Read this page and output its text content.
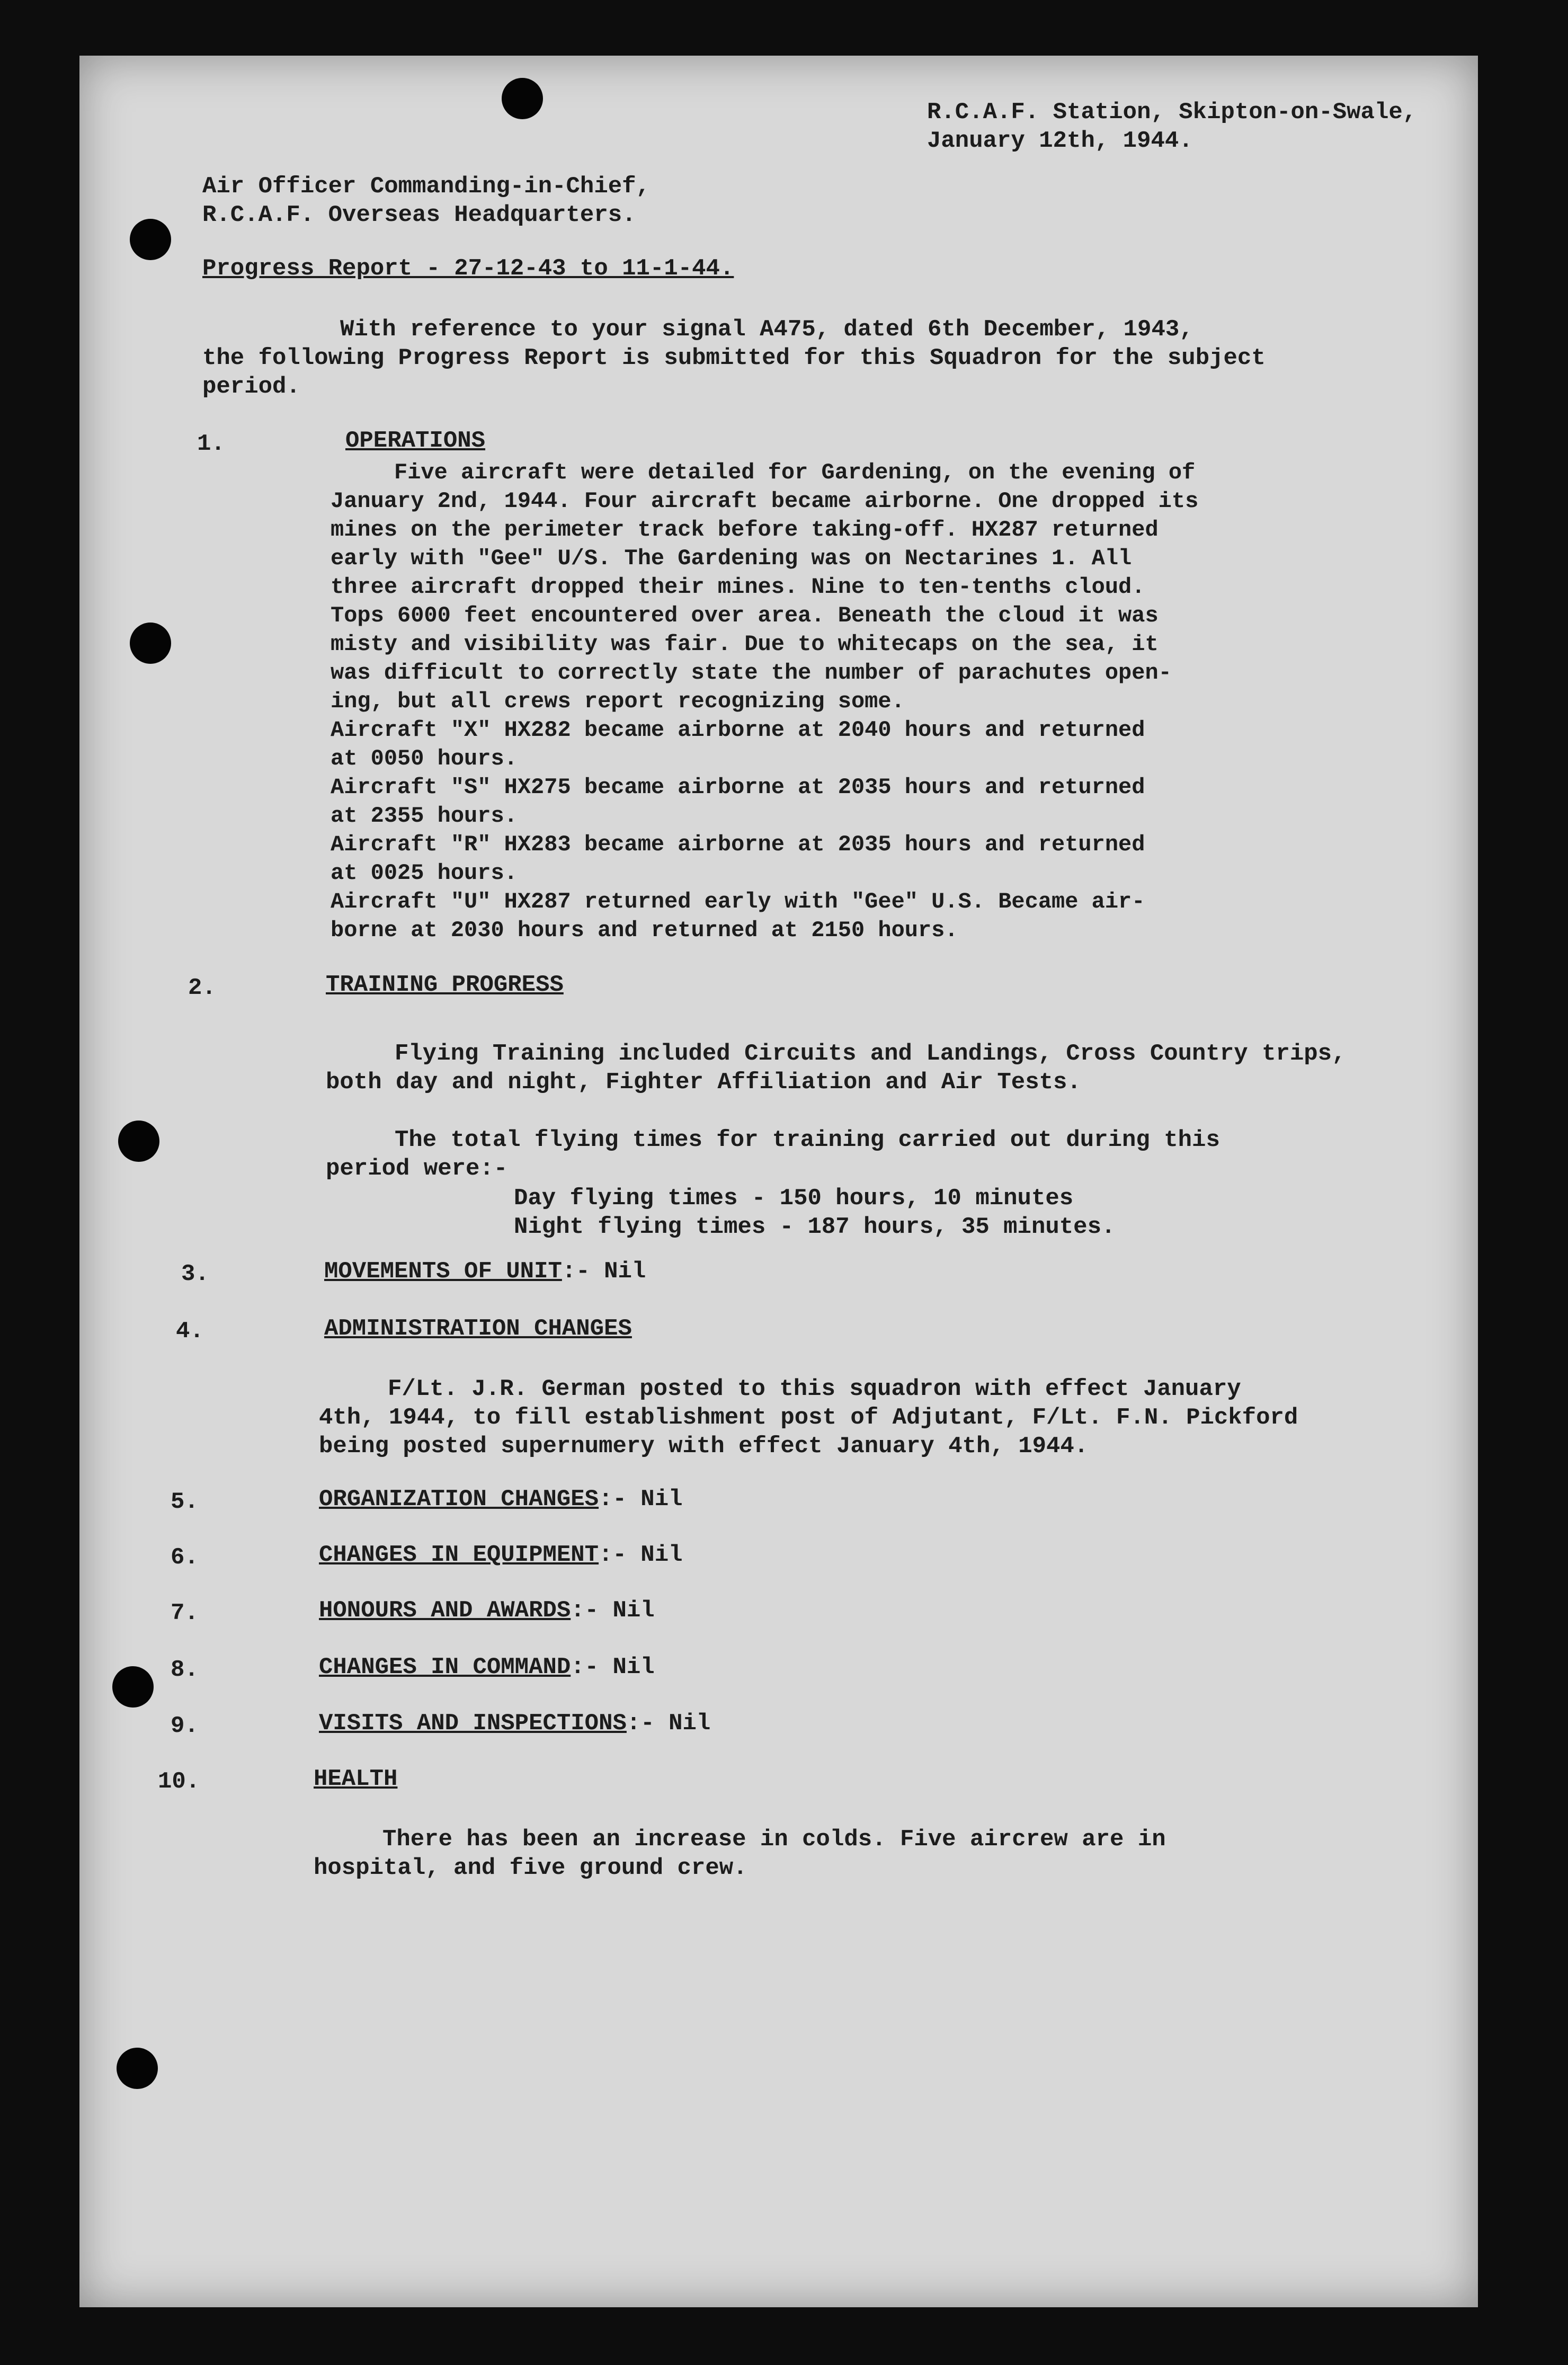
R.C.A.F. Station, Skipton-on-Swale,
January 12th, 1944.
Air Officer Commanding-in-Chief,
R.C.A.F. Overseas Headquarters.
Progress Report - 27-12-43 to 11-1-44.
With reference to your signal A475, dated 6th December, 1943,
the following Progress Report is submitted for this Squadron for the subject
period.
1.	OPERATIONS
Five aircraft were detailed for Gardening, on the evening of
January 2nd, 1944. Four aircraft became airborne. One dropped its
mines on the perimeter track before taking-off. HX287 returned
early with "Gee" U/S. The Gardening was on Nectarines 1. All
three aircraft dropped their mines. Nine to ten-tenths cloud.
Tops 6000 feet encountered over area. Beneath the cloud it was
misty and visibility was fair. Due to whitecaps on the sea, it
was difficult to correctly state the number of parachutes open-
ing, but all crews report recognizing some.
Aircraft "X" HX282 became airborne at 2040 hours and returned
at 0050 hours.
Aircraft "S" HX275 became airborne at 2035 hours and returned
at 2355 hours.
Aircraft "R" HX283 became airborne at 2035 hours and returned
at 0025 hours.
Aircraft "U" HX287 returned early with "Gee" U.S. Became air-
borne at 2030 hours and returned at 2150 hours.
2.	TRAINING PROGRESS
Flying Training included Circuits and Landings, Cross Country trips,
both day and night, Fighter Affiliation and Air Tests.
The total flying times for training carried out during this
period were:-
Day flying times - 150 hours, 10 minutes
Night flying times - 187 hours, 35 minutes.
3.	MOVEMENTS OF UNIT:- Nil
4.	ADMINISTRATION CHANGES
F/Lt. J.R. German posted to this squadron with effect January
4th, 1944, to fill establishment post of Adjutant, F/Lt. F.N. Pickford
being posted supernumery with effect January 4th, 1944.
5.	ORGANIZATION CHANGES:- Nil
6.	CHANGES IN EQUIPMENT:- Nil
7.	HONOURS AND AWARDS:- Nil
8.	CHANGES IN COMMAND:- Nil
9.	VISITS AND INSPECTIONS:- Nil
10.	HEALTH
There has been an increase in colds. Five aircrew are in
hospital, and five ground crew.
